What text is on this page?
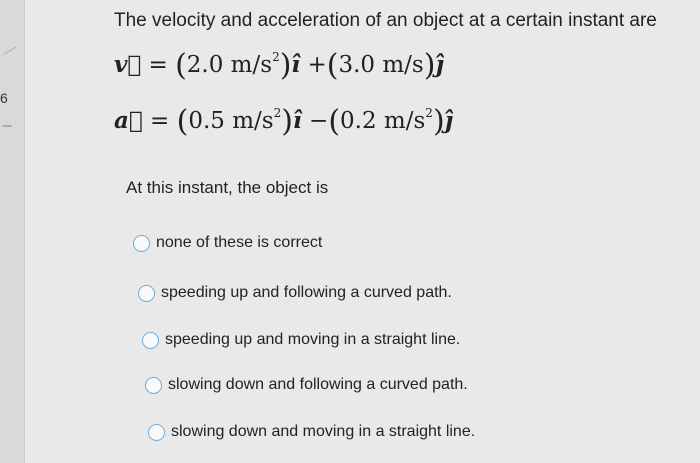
6
---
The velocity and acceleration of an object at a certain instant are
v⃗ = (2.0 $m/s^2)î +(3.0$ m/s)ĵ
a⃗ = (0.5 $m/s^2)î -(0.2$ $m/s^2)ĵ$
At this instant, the object is
none of these is correct
speeding up and following a curved path.
speeding up and moving in a straight line.
slowing down and following a curved path.
slowing down and moving in a straight line.
